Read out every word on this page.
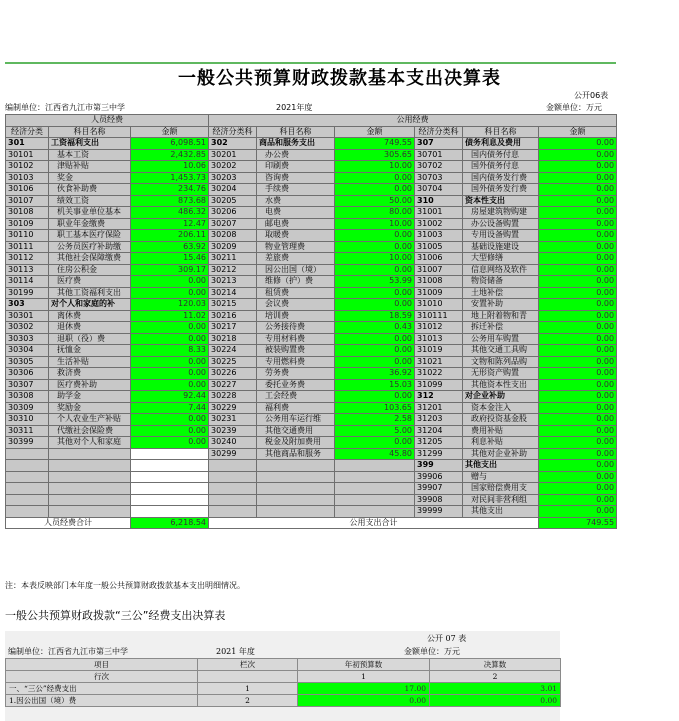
一般公共预算财政拨款基本支出决算表
公开06表
编制单位：江西省九江市第三中学	2021年度	金额单位：万元
人员经费			公用经费					
经济分类	科目名称	金额	经济分类科	科目名称	金额	经济分类科	科目名称	金额
301	工资福利支出	6,098.51	302	商品和服务支出	749.55	307	债务利息及费用	0.00
30101	基本工资	2,432.85	30201	办公费	305.65	30701	国内债务付息	0.00
30102	津贴补贴	10.06	30202	印刷费	10.00	30702	国外债务付息	0.00
30103	奖金	1,453.73	30203	咨询费	0.00	30703	国内债务发行费	0.00
30106	伙食补助费	234.76	30204	手续费	0.00	30704	国外债务发行费	0.00
30107	绩效工资	873.68	30205	水费	50.00	310	资本性支出	0.00
30108	机关事业单位基本	486.32	30206	电费	80.00	31001	房屋建筑物购建	0.00
30109	职业年金缴费	12.47	30207	邮电费	10.00	31002	办公设备购置	0.00
30110	职工基本医疗保险	206.11	30208	取暖费	0.00	31003	专用设备购置	0.00
30111	公务员医疗补助缴	63.92	30209	物业管理费	0.00	31005	基础设施建设	0.00
30112	其他社会保障缴费	15.46	30211	差旅费	10.00	31006	大型修缮	0.00
30113	住房公积金	309.17	30212	因公出国（境）	0.00	31007	信息网络及软件	0.00
30114	医疗费	0.00	30213	维修（护）费	53.99	31008	物资储备	0.00
30199	其他工资福利支出	0.00	30214	租赁费	0.00	31009	土地补偿	0.00
303	对个人和家庭的补	120.03	30215	会议费	0.00	31010	安置补助	0.00
30301	离休费	11.02	30216	培训费	18.59	310111	地上附着物和青	0.00
30302	退休费	0.00	30217	公务接待费	0.43	31012	拆迁补偿	0.00
30303	退职（役）费	0.00	30218	专用材料费	0.00	31013	公务用车购置	0.00
30304	抚恤金	8.33	30224	被装购置费	0.00	31019	其他交通工具购	0.00
30305	生活补贴	0.00	30225	专用燃料费	0.00	31021	文物和陈列品购	0.00
30306	救济费	0.00	30226	劳务费	36.92	31022	无形资产购置	0.00
30307	医疗费补助	0.00	30227	委托业务费	15.03	31099	其他资本性支出	0.00
30308	助学金	92.44	30228	工会经费	0.00	312	对企业补助	0.00
30309	奖励金	7.44	30229	福利费	103.65	31201	资本金注入	0.00
30310	个人农业生产补贴	0.00	30231	公务用车运行维	2.58	31203	政府投资基金股	0.00
30311	代缴社会保险费	0.00	30239	其他交通费用	5.00	31204	费用补贴	0.00
30399	其他对个人和家庭	0.00	30240	税金及附加费用	0.00	31205	利息补贴	0.00
			30299	其他商品和服务	45.80	31299	其他对企业补助	0.00
						399	其他支出	0.00
						39906	赠与	0.00
						39907	国家赔偿费用支	0.00
						39908	对民间非营利组	0.00
						39999	其他支出	0.00
人员经费合计		6,218.54	公用支出合计					749.55
注：本表反映部门本年度一般公共预算财政拨款基本支出明细情况。
一般公共预算财政拨款“三公”经费支出决算表
公开 07 表
编制单位：江西省九江市第三中学	2021 年度	金额单位：万元
项目	栏次	年初预算数	决算数
行次		1	2
一、“三公”经费支出	1	17.00	3.01
1.因公出国（境）费	2	0.00	0.00
